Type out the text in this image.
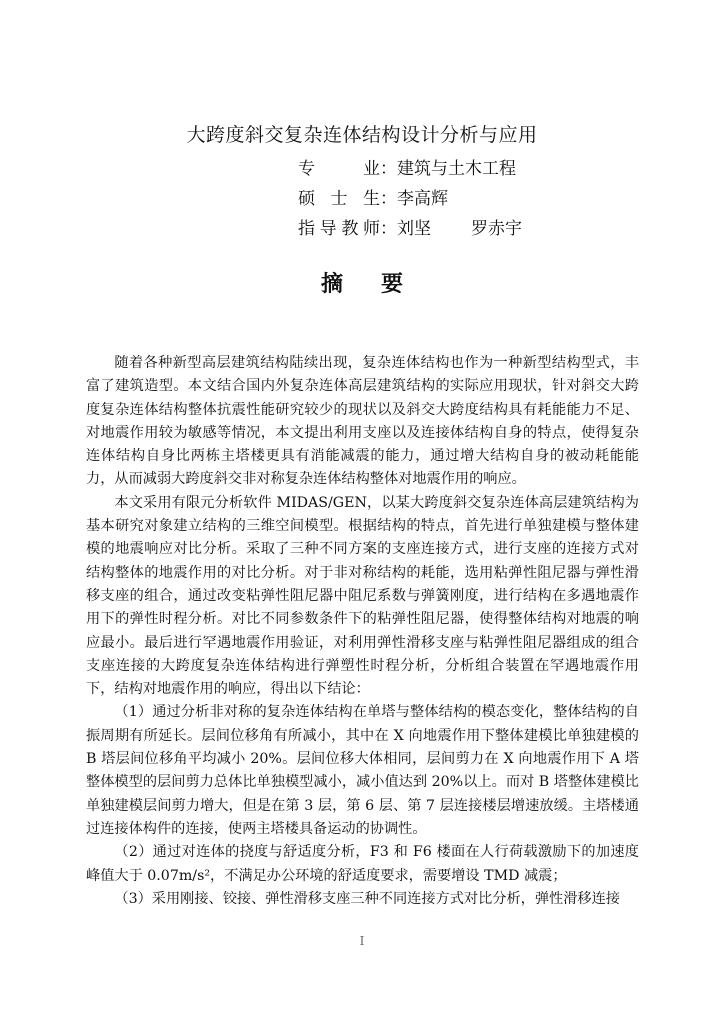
大跨度斜交复杂连体结构设计分析与应用
专业：建筑与土木工程
硕士生：李高辉
指导教师：刘坚 罗赤宇
摘要

随着各种新型高层建筑结构陆续出现，复杂连体结构也作为一种新型结构型式，丰富了建筑造型。本文结合国内外复杂连体高层建筑结构的实际应用现状，针对斜交大跨度复杂连体结构整体抗震性能研究较少的现状以及斜交大跨度结构具有耗能能力不足、对地震作用较为敏感等情况，本文提出利用支座以及连接体结构自身的特点，使得复杂连体结构自身比两栋主塔楼更具有消能减震的能力，通过增大结构自身的被动耗能能力，从而减弱大跨度斜交非对称复杂连体结构整体对地震作用的响应。

本文采用有限元分析软件 MIDAS/GEN，以某大跨度斜交复杂连体高层建筑结构为基本研究对象建立结构的三维空间模型。根据结构的特点，首先进行单独建模与整体建模的地震响应对比分析。采取了三种不同方案的支座连接方式，进行支座的连接方式对结构整体的地震作用的对比分析。对于非对称结构的耗能，选用粘弹性阻尼器与弹性滑移支座的组合，通过改变粘弹性阻尼器中阻尼系数与弹簧刚度，进行结构在多遇地震作用下的弹性时程分析。对比不同参数条件下的粘弹性阻尼器，使得整体结构对地震的响应最小。最后进行罕遇地震作用验证，对利用弹性滑移支座与粘弹性阻尼器组成的组合支座连接的大跨度复杂连体结构进行弹塑性时程分析，分析组合装置在罕遇地震作用下，结构对地震作用的响应，得出以下结论：

（1）通过分析非对称的复杂连体结构在单塔与整体结构的模态变化，整体结构的自振周期有所延长。层间位移角有所减小，其中在 X 向地震作用下整体建模比单独建模的 B 塔层间位移角平均减小 20%。层间位移大体相同，层间剪力在 X 向地震作用下 A 塔整体模型的层间剪力总体比单独模型减小，减小值达到 20%以上。而对 B 塔整体建模比单独建模层间剪力增大，但是在第 3 层，第 6 层、第 7 层连接楼层增速放缓。主塔楼通过连接体构件的连接，使两主塔楼具备运动的协调性。

（2）通过对连体的挠度与舒适度分析，F3 和 F6 楼面在人行荷载激励下的加速度峰值大于 0.07m/s²，不满足办公环境的舒适度要求，需要增设 TMD 减震；

（3）采用刚接、铰接、弹性滑移支座三种不同连接方式对比分析，弹性滑移连接

I
